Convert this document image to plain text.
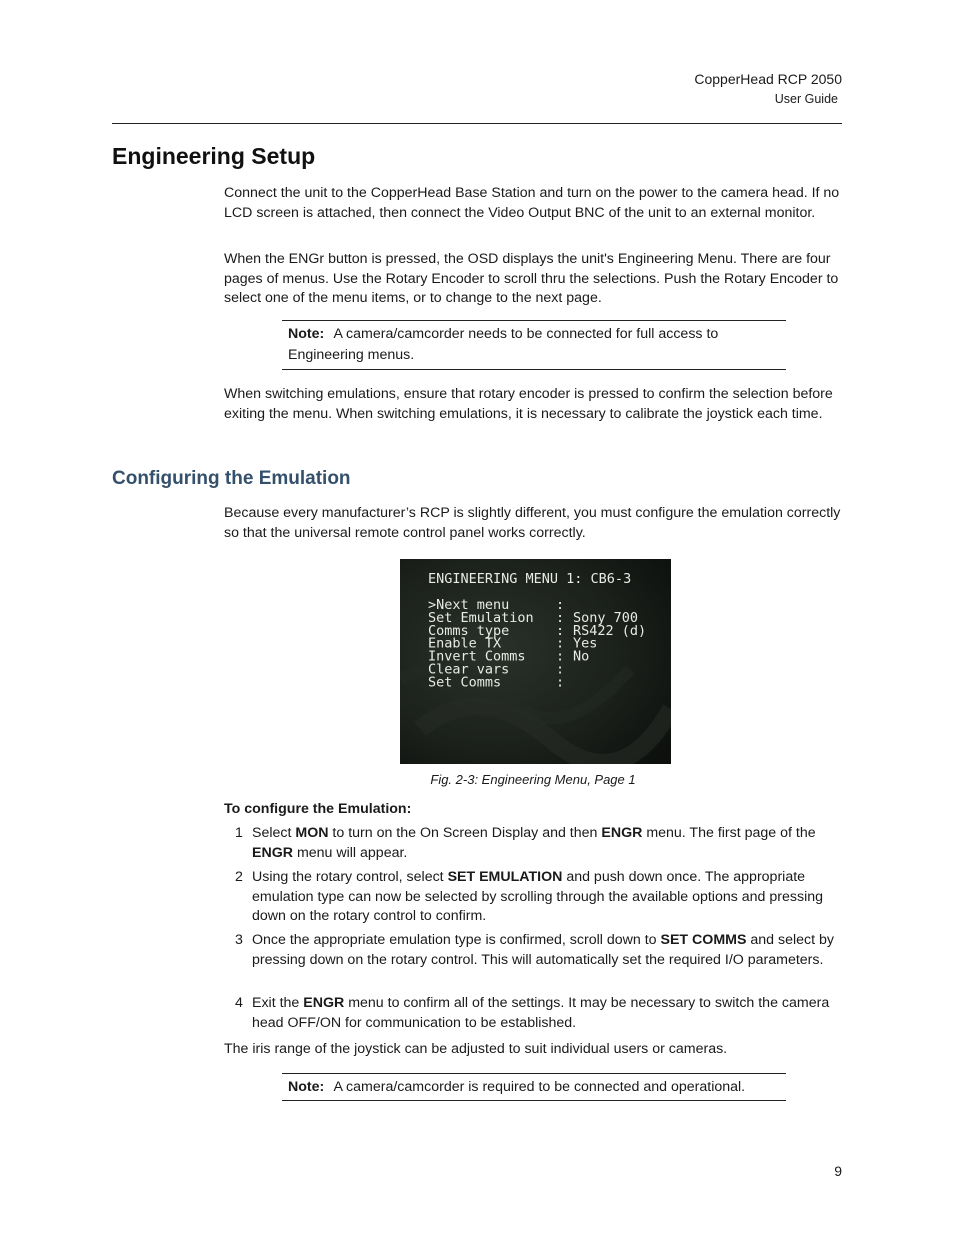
CopperHead RCP 2050
User Guide
Engineering Setup

Connect the unit to the CopperHead Base Station and turn on the power to the camera head. If no LCD screen is attached, then connect the Video Output BNC of the unit to an external monitor.

When the ENGr button is pressed, the OSD displays the unit's Engineering Menu. There are four pages of menus. Use the Rotary Encoder to scroll thru the selections. Push the Rotary Encoder to select one of the menu items, or to change to the next page.

Note: A camera/camcorder needs to be connected for full access to Engineering menus.

When switching emulations, ensure that rotary encoder is pressed to confirm the selection before exiting the menu. When switching emulations, it is necessary to calibrate the joystick each time.

Configuring the Emulation

Because every manufacturer’s RCP is slightly different, you must configure the emulation correctly so that the universal remote control panel works correctly.

ENGINEERING MENU 1: CB6-3
>Next menu	:
Set Emulation : Sony 700
Comms type	: RS422 (d)
Enable TX	: Yes
Invert Comms : No
Clear vars	:
Set Comms	:
Fig. 2-3: Engineering Menu, Page 1
To configure the Emulation:
1 Select MON to turn on the On Screen Display and then ENGR menu. The first page of the ENGR menu will appear.
2 Using the rotary control, select SET EMULATION and push down once. The appropriate emulation type can now be selected by scrolling through the available options and pressing down on the rotary control to confirm.
3 Once the appropriate emulation type is confirmed, scroll down to SET COMMS and select by pressing down on the rotary control. This will automatically set the required I/O parameters.
4 Exit the ENGR menu to confirm all of the settings. It may be necessary to switch the camera head OFF/ON for communication to be established.

The iris range of the joystick can be adjusted to suit individual users or cameras.

Note: A camera/camcorder is required to be connected and operational.
9
